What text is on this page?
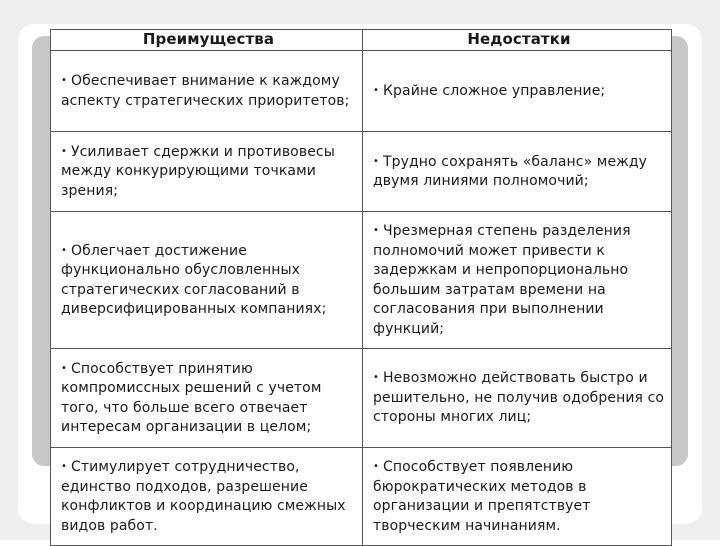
Преимущества	Недостатки
• Обеспечивает внимание к каждому аспекту стратегических приоритетов;	• Крайне сложное управление;
• Усиливает сдержки и противовесы между конкурирующими точками зрения;	• Трудно сохранять «баланс» между двумя линиями полномочий;
• Облегчает достижение функционально обусловленных стратегических согласований в диверсифицированных компаниях;	• Чрезмерная степень разделения полномочий может привести к задержкам и непропорционально большим затратам времени на согласования при выполнении функций;
• Способствует принятию компромиссных решений с учетом того, что больше всего отвечает интересам организации в целом;	• Невозможно действовать быстро и решительно, не получив одобрения со стороны многих лиц;
• Стимулирует сотрудничество, единство подходов, разрешение конфликтов и координацию смежных видов работ.	• Способствует появлению бюрократических методов в организации и препятствует творческим начинаниям.
